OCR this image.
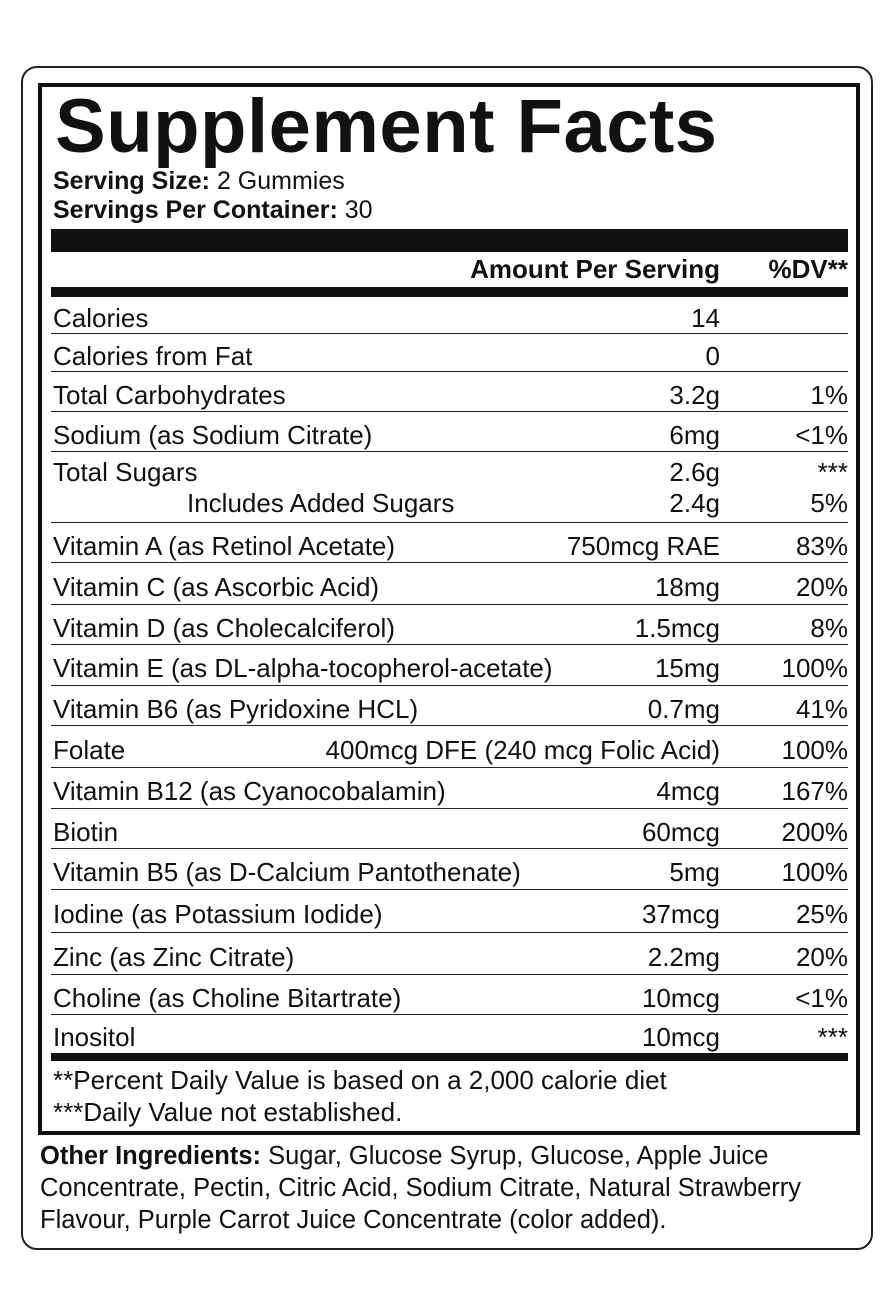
Supplement Facts
Serving Size: 2 Gummies
Servings Per Container: 30
Amount Per Serving %DV**
Calories	14
Calories from Fat	0
Total Carbohydrates	3.2g	1%
Sodium (as Sodium Citrate)	6mg	<1%
Total Sugars	2.6g	***
Includes Added Sugars	2.4g	5%
Vitamin A (as Retinol Acetate)	750mcg RAE	83%
Vitamin C (as Ascorbic Acid)	18mg	20%
Vitamin D (as Cholecalciferol)	1.5mcg	8%
Vitamin E (as DL-alpha-tocopherol-acetate)	15mg 100%
Vitamin B6 (as Pyridoxine HCL)	0.7mg	41%
Folate	400mcg DFE (240 mcg Folic Acid) 100%
Vitamin B12 (as Cyanocobalamin)	4mcg 167%
Biotin	60mcg 200%
Vitamin B5 (as D-Calcium Pantothenate)	5mg 100%
Iodine (as Potassium Iodide)	37mcg	25%
Zinc (as Zinc Citrate)	2.2mg	20%
Choline (as Choline Bitartrate)	10mcg	<1%
Inositol	10mcg	***
**Percent Daily Value is based on a 2,000 calorie diet
***Daily Value not established.
Other Ingredients: Sugar, Glucose Syrup, Glucose, Apple Juice Concentrate, Pectin, Citric Acid, Sodium Citrate, Natural Strawberry Flavour, Purple Carrot Juice Concentrate (color added).
